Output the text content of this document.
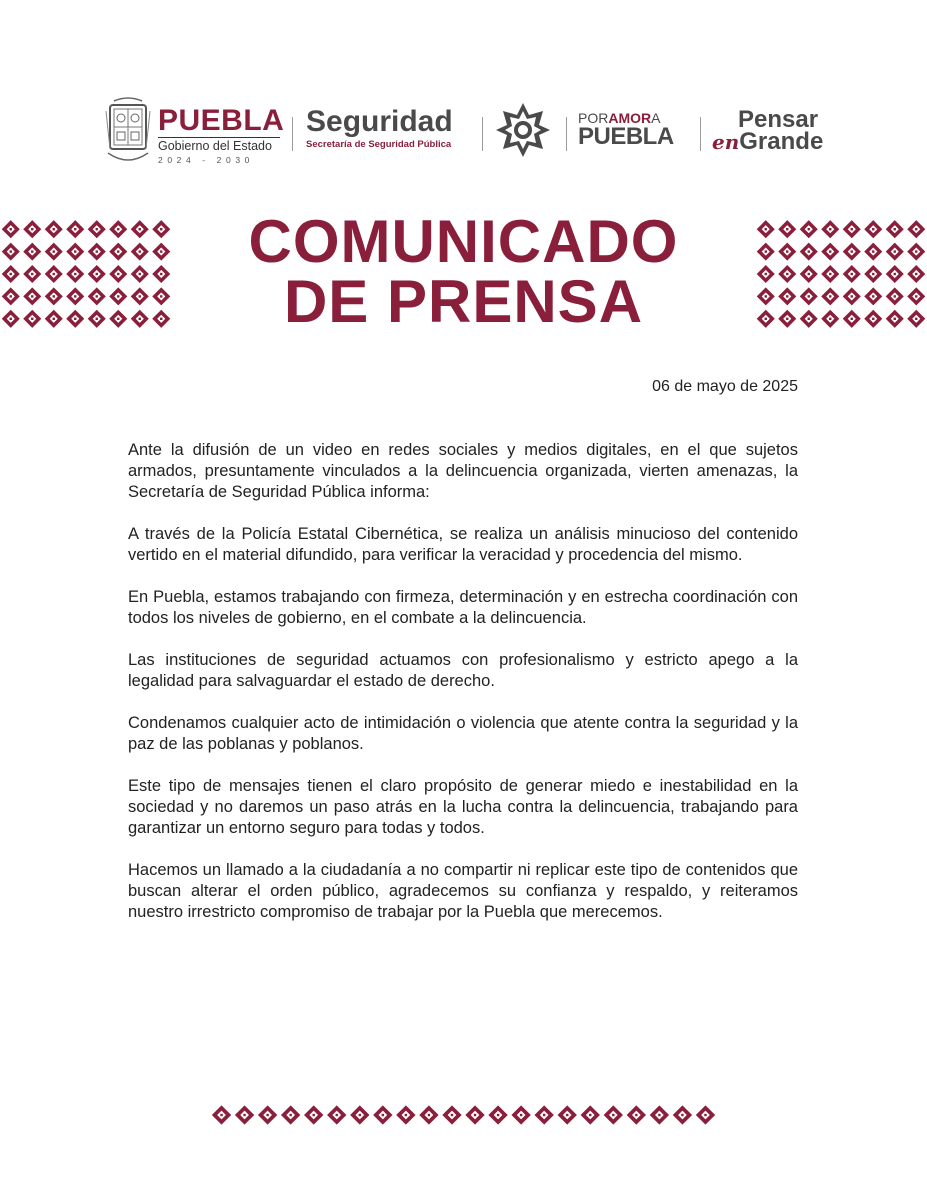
PUEBLA
Gobierno del Estado
2024 - 2030
Seguridad
Secretaría de Seguridad Pública
PORAMORA
PUEBLA
Pensar
enGrande
COMUNICADO
DE PRENSA
06 de mayo de 2025

Ante la difusión de un video en redes sociales y medios digitales, en el que sujetos armados, presuntamente vinculados a la delincuencia organizada, vierten amenazas, la Secretaría de Seguridad Pública informa:

A través de la Policía Estatal Cibernética, se realiza un análisis minucioso del contenido vertido en el material difundido, para verificar la veracidad y procedencia del mismo.

En Puebla, estamos trabajando con firmeza, determinación y en estrecha coordinación con todos los niveles de gobierno, en el combate a la delincuencia.

Las instituciones de seguridad actuamos con profesionalismo y estricto apego a la legalidad para salvaguardar el estado de derecho.

Condenamos cualquier acto de intimidación o violencia que atente contra la seguridad y la paz de las poblanas y poblanos.

Este tipo de mensajes tienen el claro propósito de generar miedo e inestabilidad en la sociedad y no daremos un paso atrás en la lucha contra la delincuencia, trabajando para garantizar un entorno seguro para todas y todos.

Hacemos un llamado a la ciudadanía a no compartir ni replicar este tipo de contenidos que buscan alterar el orden público, agradecemos su confianza y respaldo, y reiteramos nuestro irrestricto compromiso de trabajar por la Puebla que merecemos.
